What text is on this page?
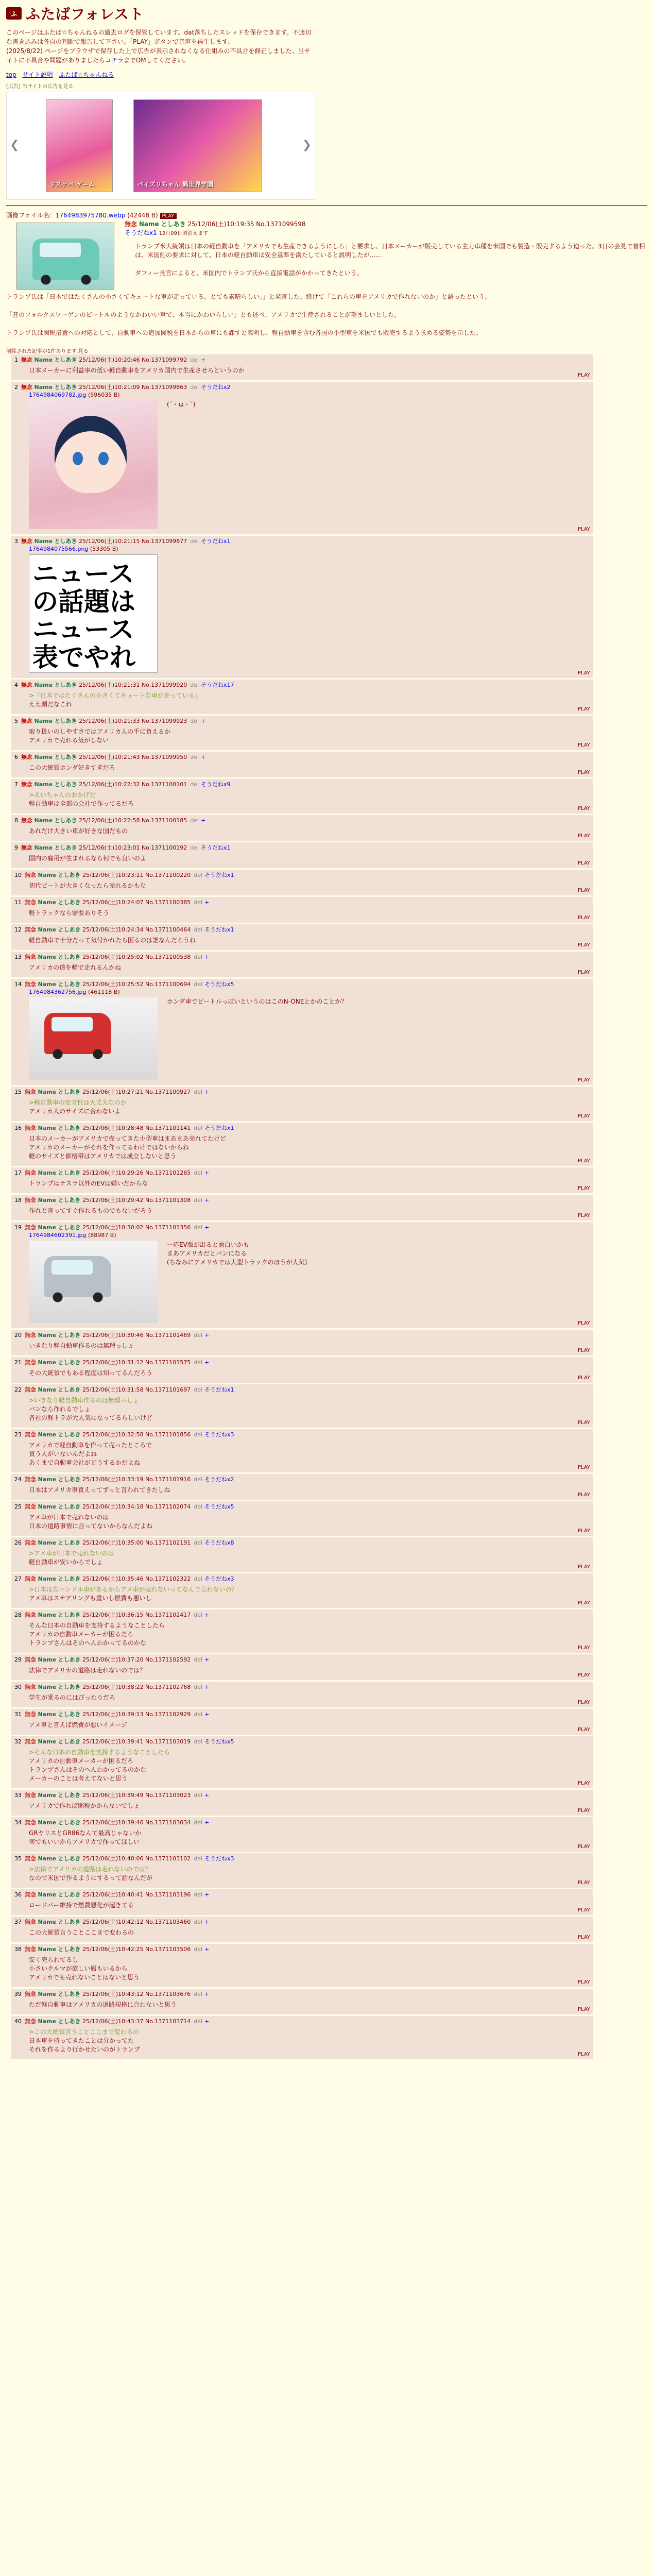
ふ ふたばフォレスト
このページはふたば☆ちゃんねるの過去ログを保管しています。dat落ちしたスレッドを保存できます。不適切な書き込みは各自の判断で報告して下さい。「PLAY」ボタンで音声を再生します。
(2025/8/22) ページをブラウザで保存した上で広告が表示されなくなる仕組みの不具合を修正しました。当サイトに不具合や問題がありましたらコチラまでDMしてください。
top サイト説明 ふたば☆ちゃんねる
[広告] 当サイトの広告を見る
❮
ドスケベ ゲーム	パイズリちゃん 異世界学園
❯
画像ファイル名：1764983975780.webp (42448 B) PLAY
無念 Name としあき 25/12/06(土)10:19:35 No.1371099598
そうだねx1 12月09日頃消えます

トランプ米大統領は日本の軽自動車を「アメリカでも生産できるようにしろ」と要求し、日本メーカーが販売している主力車種を米国でも製造・販売するよう迫った。3日の会見で首相は、米国側の要求に対して、日本の軽自動車は安全基準を満たしていると説明したが……

ダフィー長官によると、米国内でトランプ氏から直接電話がかかってきたという。

トランプ氏は「日本ではたくさんの小さくてキュートな車が走っている。とても素晴らしい。」と発言した。続けて「これらの車をアメリカで作れないのか」と語ったという。

「昔のフォルクスワーゲンのビートルのようなかわいい車で、本当にかわいらしい」とも述べ、アメリカで生産されることが望ましいとした。

トランプ氏は関税措置への対応として、自動車への追加関税を日本からの車にも課すと表明し、軽自動車を含む各国の小型車を米国でも販売するよう求める姿勢を示した。

削除された記事が1件あります.見る
1 無念 Name としあき 25/12/06(土)10:20:46 No.1371099792 del +
日本メーカーに利益率の低い軽自動車をアメリカ国内で生産させろというのか
PLAY
2 無念 Name としあき 25/12/06(土)10:21:09 No.1371099863 del そうだねx2
1764984069782.jpg (596035 B)
(´・ω・`)
PLAY
3 無念 Name としあき 25/12/06(土)10:21:15 No.1371099877 del そうだねx1
1764984075566.png (53305 B)
ニュース
の話題は
ニュース
表でやれ
PLAY
4 無念 Name としあき 25/12/06(土)10:21:31 No.1371099920 del そうだねx17
>「日本ではたくさんの小さくてキュートな車が走っている」
ええ顔だなこれ
PLAY
5 無念 Name としあき 25/12/06(土)10:21:33 No.1371099923 del +
取り扱いのしやすさではアメリカ人の手に負えるか
アメリカで売れる気がしない
PLAY
6 無念 Name としあき 25/12/06(土)10:21:43 No.1371099950 del +
この大統領ホンダ好きすぎだろ
PLAY
7 無念 Name としあき 25/12/06(土)10:22:32 No.1371100101 del そうだねx9
>えいちゃんのおかげだ
軽自動車は全部の会社で作ってるだろ
PLAY
8 無念 Name としあき 25/12/06(土)10:22:58 No.1371100185 del +
あれだけ大きい車が好きな国だもの
PLAY
9 無念 Name としあき 25/12/06(土)10:23:01 No.1371100192 del そうだねx1
国内の雇用が生まれるなら何でも良いのよ
PLAY
10 無念 Name としあき 25/12/06(土)10:23:11 No.1371100220 del そうだねx1
初代ビートが大きくなったら売れるかもな
PLAY
11 無念 Name としあき 25/12/06(土)10:24:07 No.1371100385 del +
軽トラックなら需要ありそう
PLAY
12 無念 Name としあき 25/12/06(土)10:24:34 No.1371100464 del そうだねx1
軽自動車で十分だって気付かれたら困るのは誰なんだろうね
PLAY
13 無念 Name としあき 25/12/06(土)10:25:02 No.1371100538 del +
アメリカの道を軽で走れるんかね
PLAY
14 無念 Name としあき 25/12/06(土)10:25:52 No.1371100694 del そうだねx5
1764984362756.jpg (461118 B)
ホンダ車でビートルっぽいというのはこのN-ONEとかのことか？
PLAY
15 無念 Name としあき 25/12/06(土)10:27:21 No.1371100927 del +
>軽自動車の安全性は大丈夫なのか
アメリカ人のサイズに合わないよ
PLAY
16 無念 Name としあき 25/12/06(土)10:28:48 No.1371101141 del そうだねx1
日本のメーカーがアメリカで売ってきた小型車はまあまあ売れてたけど
アメリカのメーカーがそれを作ってるわけではないからね
軽のサイズと価格帯はアメリカでは成立しないと思う
PLAY
17 無念 Name としあき 25/12/06(土)10:29:26 No.1371101265 del +
トランプはテスラ以外のEVは嫌いだからな
PLAY
18 無念 Name としあき 25/12/06(土)10:29:42 No.1371101308 del +
作れと言ってすぐ作れるものでもないだろう
PLAY
19 無念 Name としあき 25/12/06(土)10:30:02 No.1371101356 del +
1764984602391.jpg (88987 B)
一応EV版が出ると面白いかも
まあアメリカだとバンになる
(ちなみにアメリカでは大型トラックのほうが人気)
PLAY
20 無念 Name としあき 25/12/06(土)10:30:46 No.1371101469 del +
いきなり軽自動車作るのは無理っしょ
PLAY
21 無念 Name としあき 25/12/06(土)10:31:12 No.1371101575 del +
その大統領でもある程度は知ってるんだろう
PLAY
22 無念 Name としあき 25/12/06(土)10:31:58 No.1371101697 del そうだねx1
>いきなり軽自動車作るのは無理っしょ
バンなら作れるでしょ
各社の軽トラが大人気になってるらしいけど
PLAY
23 無念 Name としあき 25/12/06(土)10:32:58 No.1371101856 del そうだねx3
アメリカで軽自動車を作って売ったところで
買う人がいないんだよね
あくまで自動車会社がどうするかだよね
PLAY
24 無念 Name としあき 25/12/06(土)10:33:19 No.1371101916 del そうだねx2
日本はアメリカ車買えってずっと言われてきたしね
PLAY
25 無念 Name としあき 25/12/06(土)10:34:18 No.1371102074 del そうだねx5
アメ車が日本で売れないのは
日本の道路事情に合ってないからなんだよね
PLAY
26 無念 Name としあき 25/12/06(土)10:35:00 No.1371102191 del そうだねx8
>アメ車が日本で売れないのは
軽自動車が安いからでしょ
PLAY
27 無念 Name としあき 25/12/06(土)10:35:46 No.1371102322 del そうだねx3
>日本は左ハンドル車があるからアメ車が売れないってなんで言わないの？
アメ車はステアリングも重いし燃費も悪いし
PLAY
28 無念 Name としあき 25/12/06(土)10:36:15 No.1371102417 del +
そんな日本の自動車を支持するようなことしたら
アメリカの自動車メーカーが困るだろ
トランプさんはそのへんわかってるのかな
PLAY
29 無念 Name としあき 25/12/06(土)10:37:20 No.1371102592 del +
法律でアメリカの道路は走れないのでは？
PLAY
30 無念 Name としあき 25/12/06(土)10:38:22 No.1371102768 del +
学生が乗るのにはぴったりだろ
PLAY
31 無念 Name としあき 25/12/06(土)10:39:13 No.1371102929 del +
アメ車と言えば燃費が悪いイメージ
PLAY
32 無念 Name としあき 25/12/06(土)10:39:41 No.1371103019 del そうだねx5
>そんな日本の自動車を支持するようなことしたら
アメリカの自動車メーカーが困るだろ
トランプさんはそのへんわかってるのかな
メーカーのことは考えてないと思う
PLAY
33 無念 Name としあき 25/12/06(土)10:39:49 No.1371103023 del +
アメリカで作れば関税かからないでしょ
PLAY
34 無念 Name としあき 25/12/06(土)10:39:46 No.1371103034 del +
GRヤリスとGR86なんて最高じゃないか
何でもいいからアメリカで作ってほしい
PLAY
35 無念 Name としあき 25/12/06(土)10:40:06 No.1371103102 del そうだねx3
>法律でアメリカの道路は走れないのでは？
なので米国で作るようにするって話なんだが
PLAY
36 無念 Name としあき 25/12/06(土)10:40:41 No.1371103196 del +
ロードバー維持で燃費悪化が起きてる
PLAY
37 無念 Name としあき 25/12/06(土)10:42:12 No.1371103460 del +
この大統領言うことここまで変わるの
PLAY
38 無念 Name としあき 25/12/06(土)10:42:25 No.1371103506 del +
安く売られてるし
小さいクルマが欲しい層もいるから
アメリカでも売れないことはないと思う
PLAY
39 無念 Name としあき 25/12/06(土)10:43:12 No.1371103676 del +
ただ軽自動車はアメリカの道路規格に合わないと思う
PLAY
40 無念 Name としあき 25/12/06(土)10:43:37 No.1371103714 del +
>この大統領言うことここまで変わるの
日本車を持ってきたことは分かってた
それを作るより行かせたいのがトランプ
PLAY
